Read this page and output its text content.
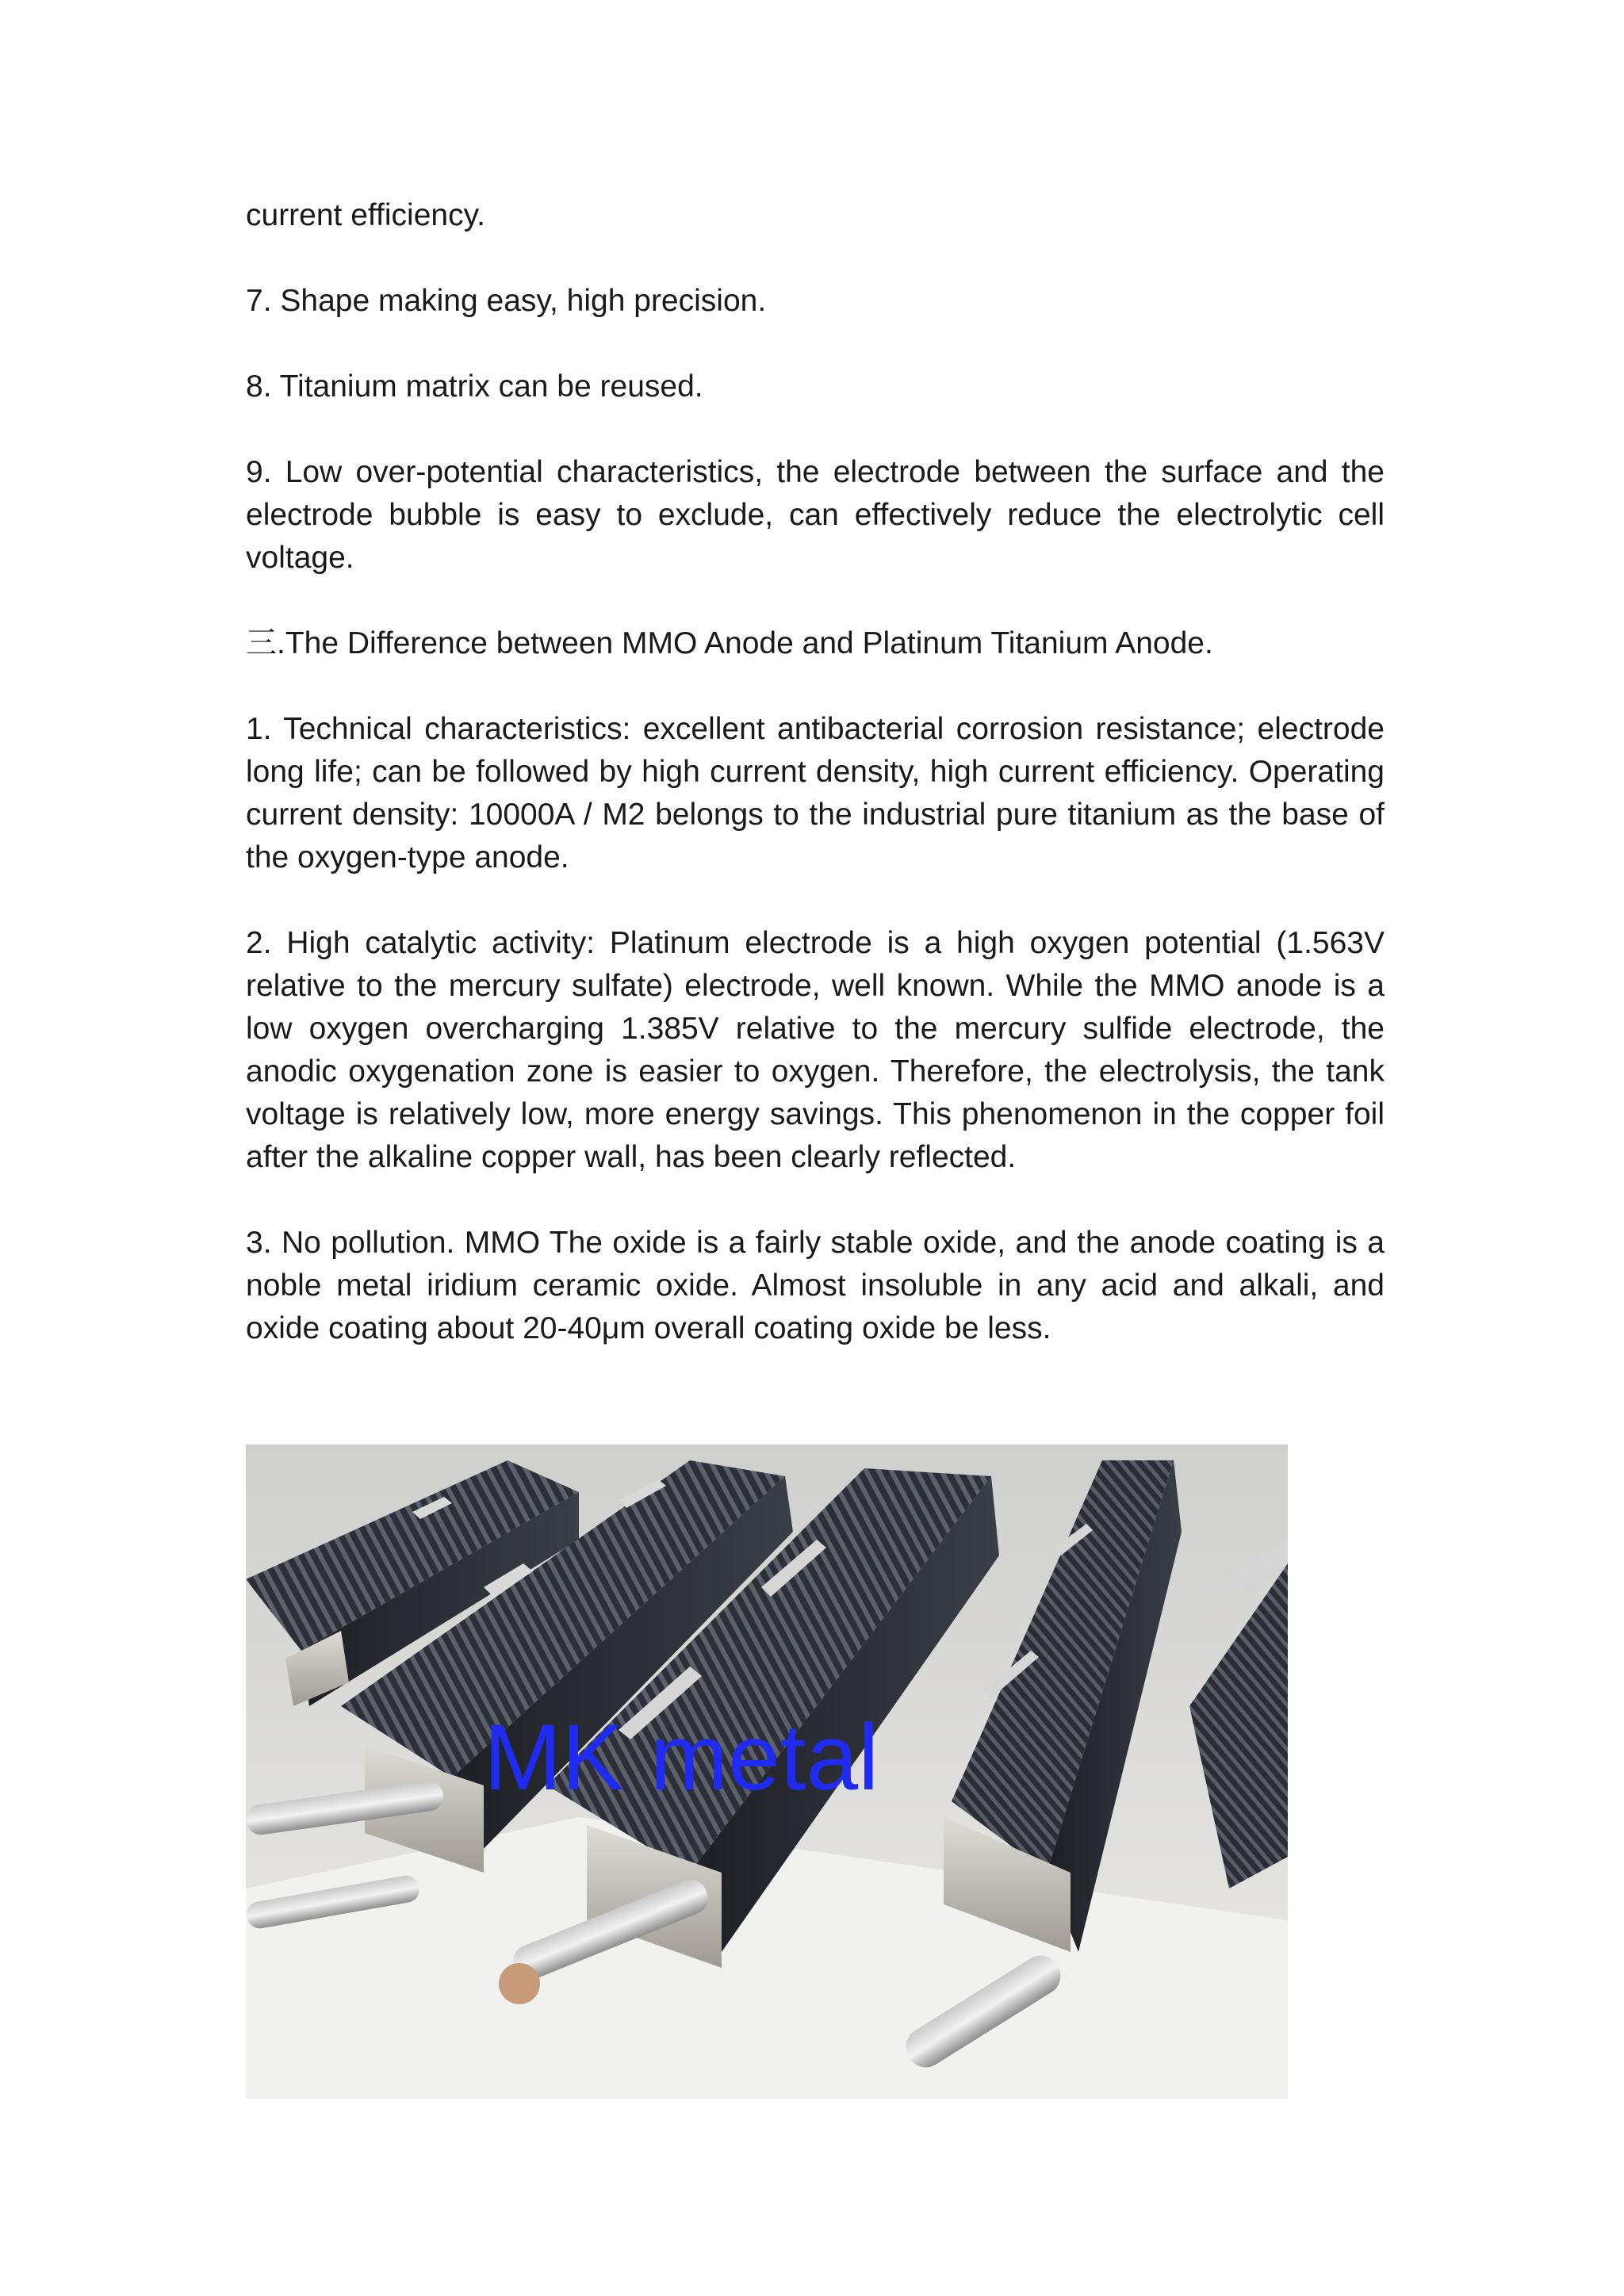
current efficiency.

7. Shape making easy, high precision.

8. Titanium matrix can be reused.

9. Low over-potential characteristics, the electrode between the surface and the electrode bubble is easy to exclude, can effectively reduce the electrolytic cell voltage.

三.The Difference between MMO Anode and Platinum Titanium Anode.

1. Technical characteristics: excellent antibacterial corrosion resistance; electrode long life; can be followed by high current density, high current efficiency. Operating current density: 10000A / M2 belongs to the industrial pure titanium as the base of the oxygen-type anode.

2. High catalytic activity: Platinum electrode is a high oxygen potential (1.563V relative to the mercury sulfate) electrode, well known. While the MMO anode is a low oxygen overcharging 1.385V relative to the mercury sulfide electrode, the anodic oxygenation zone is easier to oxygen. Therefore, the electrolysis, the tank voltage is relatively low, more energy savings. This phenomenon in the copper foil after the alkaline copper wall, has been clearly reflected.

3. No pollution. MMO The oxide is a fairly stable oxide, and the anode coating is a noble metal iridium ceramic oxide. Almost insoluble in any acid and alkali, and oxide coating about 20-40μm overall coating oxide be less.

MK metal
